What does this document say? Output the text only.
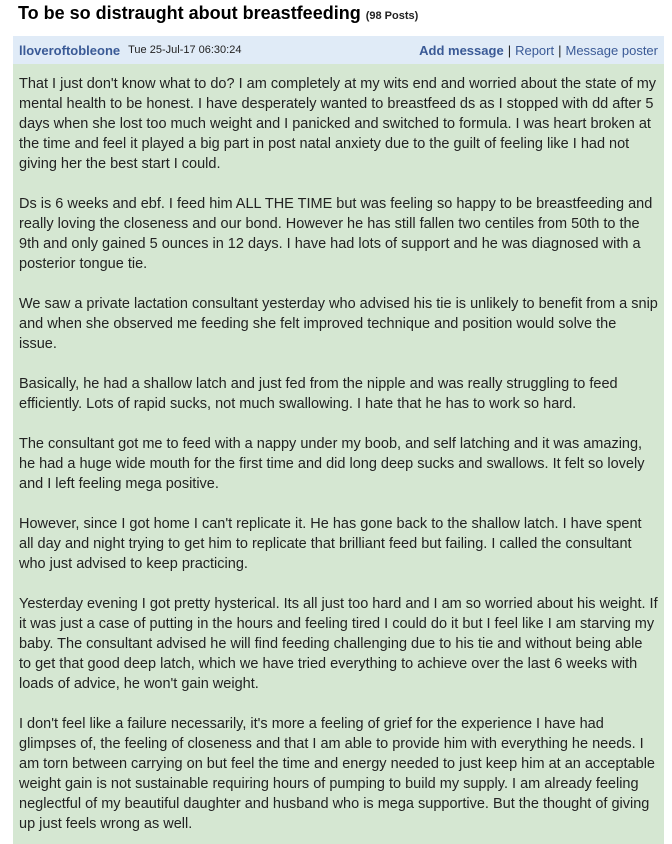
To be so distraught about breastfeeding (98 Posts)
lloveroftobleone Tue 25-Jul-17 06:30:24	Add message | Report | Message poster

That I just don't know what to do? I am completely at my wits end and worried about the state of my mental health to be honest. I have desperately wanted to breastfeed ds as I stopped with dd after 5 days when she lost too much weight and I panicked and switched to formula. I was heart broken at the time and feel it played a big part in post natal anxiety due to the guilt of feeling like I had not giving her the best start I could.

Ds is 6 weeks and ebf. I feed him ALL THE TIME but was feeling so happy to be breastfeeding and really loving the closeness and our bond. However he has still fallen two centiles from 50th to the 9th and only gained 5 ounces in 12 days. I have had lots of support and he was diagnosed with a posterior tongue tie.

We saw a private lactation consultant yesterday who advised his tie is unlikely to benefit from a snip and when she observed me feeding she felt improved technique and position would solve the issue.

Basically, he had a shallow latch and just fed from the nipple and was really struggling to feed efficiently. Lots of rapid sucks, not much swallowing. I hate that he has to work so hard.

The consultant got me to feed with a nappy under my boob, and self latching and it was amazing, he had a huge wide mouth for the first time and did long deep sucks and swallows. It felt so lovely and I left feeling mega positive.

However, since I got home I can't replicate it. He has gone back to the shallow latch. I have spent all day and night trying to get him to replicate that brilliant feed but failing. I called the consultant who just advised to keep practicing.

Yesterday evening I got pretty hysterical. Its all just too hard and I am so worried about his weight. If it was just a case of putting in the hours and feeling tired I could do it but I feel like I am starving my baby. The consultant advised he will find feeding challenging due to his tie and without being able to get that good deep latch, which we have tried everything to achieve over the last 6 weeks with loads of advice, he won't gain weight.

I don't feel like a failure necessarily, it's more a feeling of grief for the experience I have had glimpses of, the feeling of closeness and that I am able to provide him with everything he needs. I am torn between carrying on but feel the time and energy needed to just keep him at an acceptable weight gain is not sustainable requiring hours of pumping to build my supply. I am already feeling neglectful of my beautiful daughter and husband who is mega supportive. But the thought of giving up just feels wrong as well.
